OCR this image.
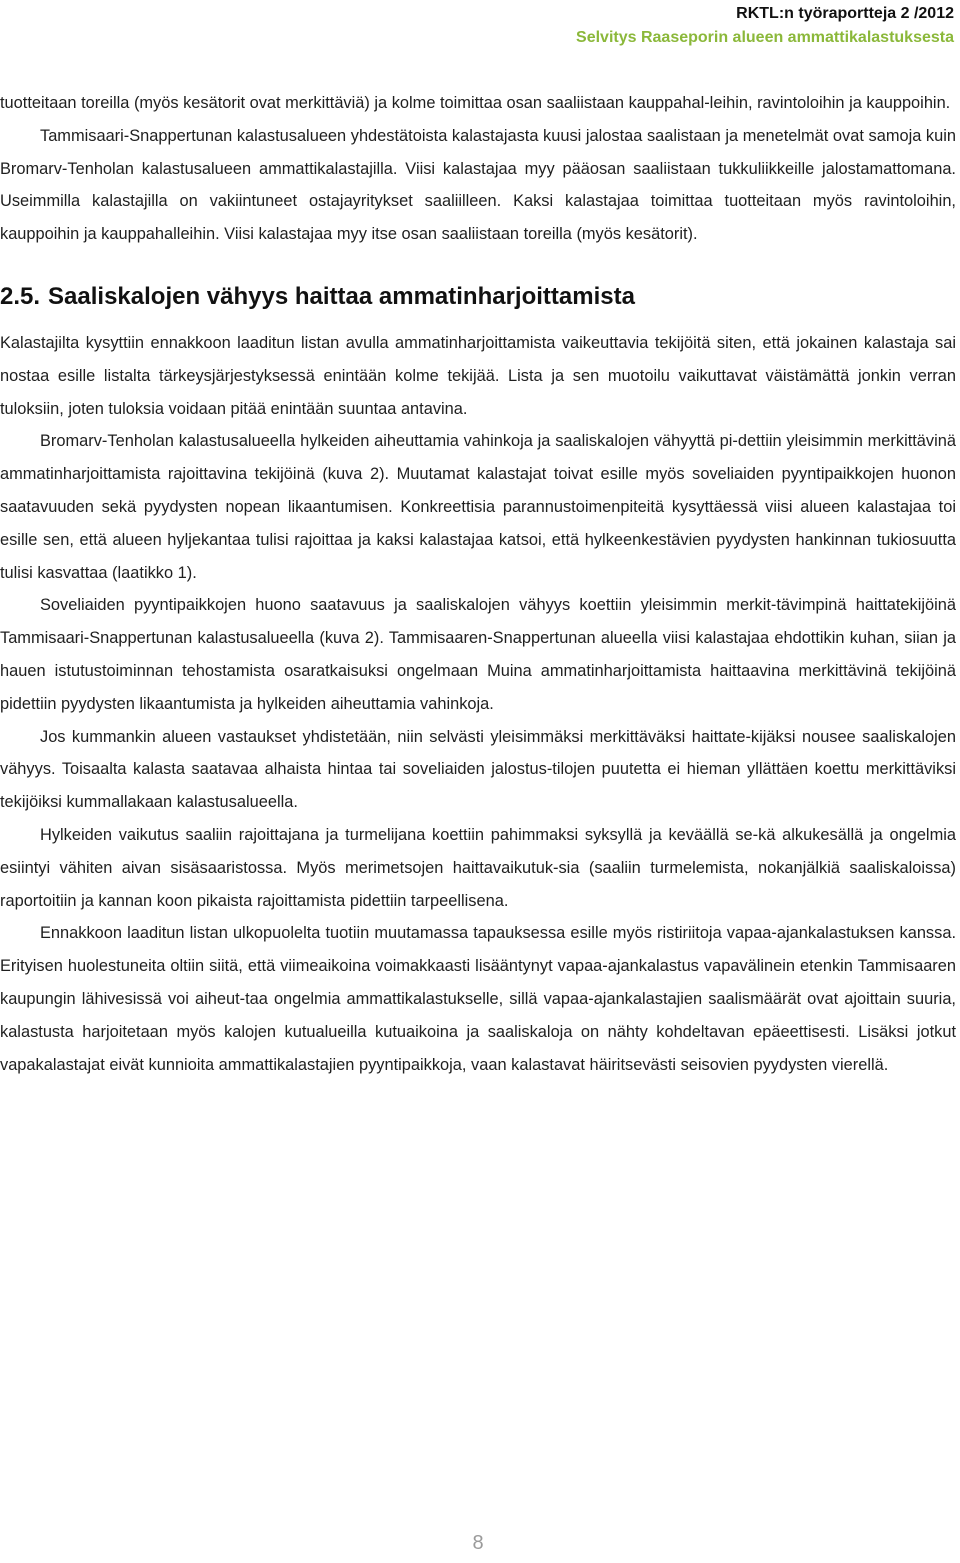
RKTL:n työraportteja 2 /2012
Selvitys Raaseporin alueen ammattikalastuksesta

tuotteitaan toreilla (myös kesätorit ovat merkittäviä) ja kolme toimittaa osan saaliistaan kauppahal-leihin, ravintoloihin ja kauppoihin.

Tammisaari-Snappertunan kalastusalueen yhdestätoista kalastajasta kuusi jalostaa saalistaan ja menetelmät ovat samoja kuin Bromarv-Tenholan kalastusalueen ammattikalastajilla. Viisi kalastajaa myy pääosan saaliistaan tukkuliikkeille jalostamattomana. Useimmilla kalastajilla on vakiintuneet ostajayritykset saaliilleen. Kaksi kalastajaa toimittaa tuotteitaan myös ravintoloihin, kauppoihin ja kauppahalleihin. Viisi kalastajaa myy itse osan saaliistaan toreilla (myös kesätorit).

2.5. Saaliskalojen vähyys haittaa ammatinharjoittamista

Kalastajilta kysyttiin ennakkoon laaditun listan avulla ammatinharjoittamista vaikeuttavia tekijöitä siten, että jokainen kalastaja sai nostaa esille listalta tärkeysjärjestyksessä enintään kolme tekijää. Lista ja sen muotoilu vaikuttavat väistämättä jonkin verran tuloksiin, joten tuloksia voidaan pitää enintään suuntaa antavina.

Bromarv-Tenholan kalastusalueella hylkeiden aiheuttamia vahinkoja ja saaliskalojen vähyyttä pi-dettiin yleisimmin merkittävinä ammatinharjoittamista rajoittavina tekijöinä (kuva 2). Muutamat kalastajat toivat esille myös soveliaiden pyyntipaikkojen huonon saatavuuden sekä pyydysten nopean likaantumisen. Konkreettisia parannustoimenpiteitä kysyttäessä viisi alueen kalastajaa toi esille sen, että alueen hyljekantaa tulisi rajoittaa ja kaksi kalastajaa katsoi, että hylkeenkestävien pyydysten hankinnan tukiosuutta tulisi kasvattaa (laatikko 1).

Soveliaiden pyyntipaikkojen huono saatavuus ja saaliskalojen vähyys koettiin yleisimmin merkit-tävimpinä haittatekijöinä Tammisaari-Snappertunan kalastusalueella (kuva 2). Tammisaaren-Snappertunan alueella viisi kalastajaa ehdottikin kuhan, siian ja hauen istutustoiminnan tehostamista osaratkaisuksi ongelmaan Muina ammatinharjoittamista haittaavina merkittävinä tekijöinä pidettiin pyydysten likaantumista ja hylkeiden aiheuttamia vahinkoja.

Jos kummankin alueen vastaukset yhdistetään, niin selvästi yleisimmäksi merkittäväksi haittate-kijäksi nousee saaliskalojen vähyys. Toisaalta kalasta saatavaa alhaista hintaa tai soveliaiden jalostus-tilojen puutetta ei hieman yllättäen koettu merkittäviksi tekijöiksi kummallakaan kalastusalueella.

Hylkeiden vaikutus saaliin rajoittajana ja turmelijana koettiin pahimmaksi syksyllä ja keväällä se-kä alkukesällä ja ongelmia esiintyi vähiten aivan sisäsaaristossa. Myös merimetsojen haittavaikutuk-sia (saaliin turmelemista, nokanjälkiä saaliskaloissa) raportoitiin ja kannan koon pikaista rajoittamista pidettiin tarpeellisena.

Ennakkoon laaditun listan ulkopuolelta tuotiin muutamassa tapauksessa esille myös ristiriitoja vapaa-ajankalastuksen kanssa. Erityisen huolestuneita oltiin siitä, että viimeaikoina voimakkaasti lisääntynyt vapaa-ajankalastus vapavälinein etenkin Tammisaaren kaupungin lähivesissä voi aiheut-taa ongelmia ammattikalastukselle, sillä vapaa-ajankalastajien saalismäärät ovat ajoittain suuria, kalastusta harjoitetaan myös kalojen kutualueilla kutuaikoina ja saaliskaloja on nähty kohdeltavan epäeettisesti. Lisäksi jotkut vapakalastajat eivät kunnioita ammattikalastajien pyyntipaikkoja, vaan kalastavat häiritsevästi seisovien pyydysten vierellä.

8
